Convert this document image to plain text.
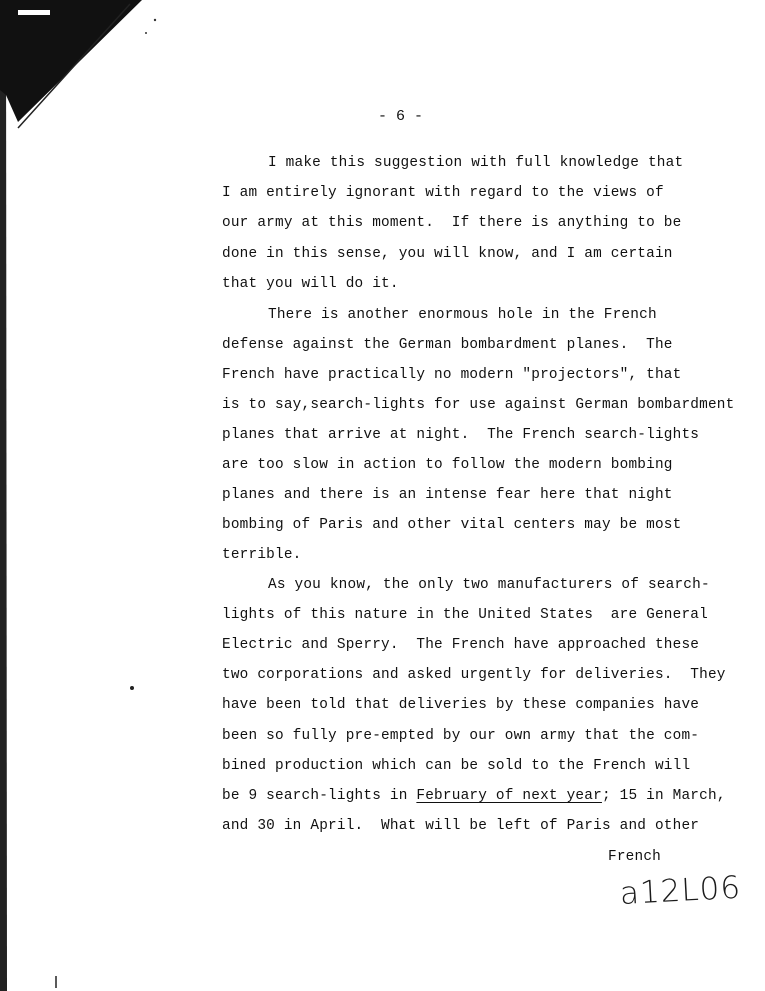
- 6 -
I make this suggestion with full knowledge that
I am entirely ignorant with regard to the views of
our army at this moment.  If there is anything to be
done in this sense, you will know, and I am certain
that you will do it.
There is another enormous hole in the French
defense against the German bombardment planes.  The
French have practically no modern "projectors", that
is to say,search-lights for use against German bombardment
planes that arrive at night.  The French search-lights
are too slow in action to follow the modern bombing
planes and there is an intense fear here that night
bombing of Paris and other vital centers may be most
terrible.
As you know, the only two manufacturers of search-
lights of this nature in the United States  are General
Electric and Sperry.  The French have approached these
two corporations and asked urgently for deliveries.  They
have been told that deliveries by these companies have
been so fully pre-empted by our own army that the com-
bined production which can be sold to the French will
be 9 search-lights in February of next year; 15 in March,
and 30 in April.  What will be left of Paris and other
French
a12L06
